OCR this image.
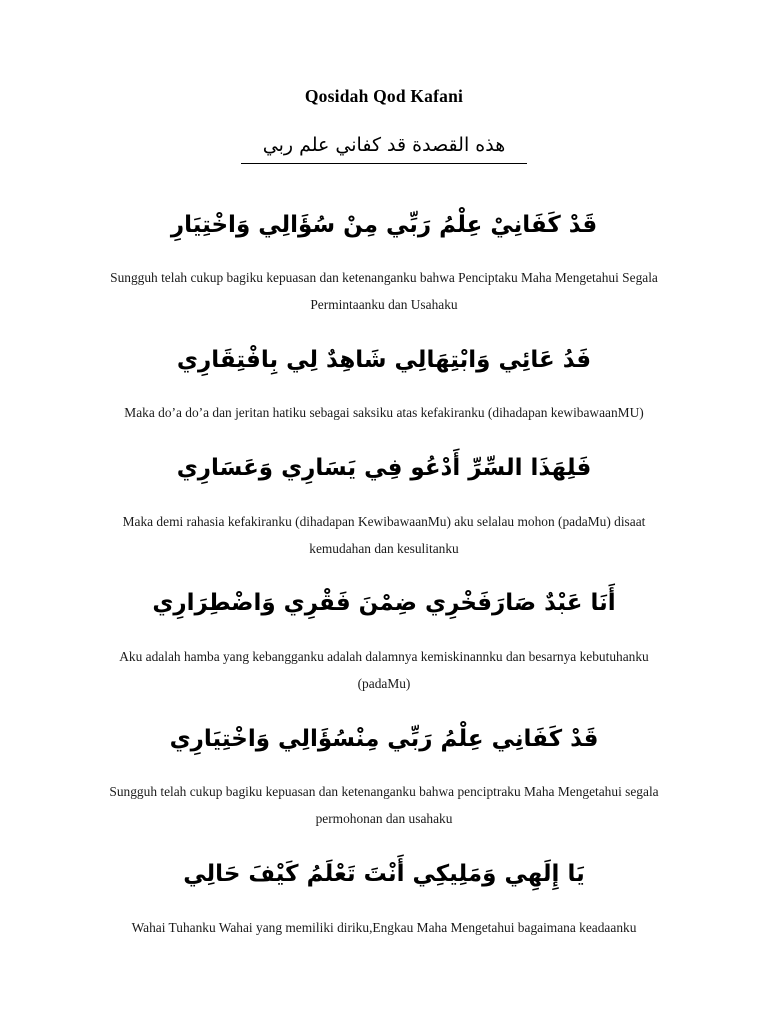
Qosidah Qod Kafani
هذه القصدة قد كفاني علم ربي

قَدْ كَفَانِيْ عِلْمُ رَبِّي مِنْ سُؤَالِي وَاخْتِيَارِ

Sungguh telah cukup bagiku kepuasan dan ketenanganku bahwa Penciptaku Maha Mengetahui Segala Permintaanku dan Usahaku

فَدُ عَائِي وَابْتِهَالِي شَاهِدٌ لِي بِافْتِقَارِي

Maka do’a do’a dan jeritan hatiku sebagai saksiku atas kefakiranku (dihadapan kewibawaanMU)

فَلِهَذَا السِّرِّ أَدْعُو فِي يَسَارِي وَعَسَارِي

Maka demi rahasia kefakiranku (dihadapan KewibawaanMu) aku selalau mohon (padaMu) disaat kemudahan dan kesulitanku

أَنَا عَبْدٌ صَارَفَخْرِي ضِمْنَ فَقْرِي وَاضْطِرَارِي

Aku adalah hamba yang kebangganku adalah dalamnya kemiskinannku dan besarnya kebutuhanku (padaMu)

قَدْ كَفَانِي عِلْمُ رَبِّي مِنْسُؤَالِي وَاخْتِيَارِي

Sungguh telah cukup bagiku kepuasan dan ketenanganku bahwa penciptraku Maha Mengetahui segala permohonan dan usahaku

يَا إِلَهِي وَمَلِيكِي أَنْتَ تَعْلَمُ كَيْفَ حَالِي

Wahai Tuhanku Wahai yang memiliki diriku,Engkau Maha Mengetahui bagaimana keadaanku
